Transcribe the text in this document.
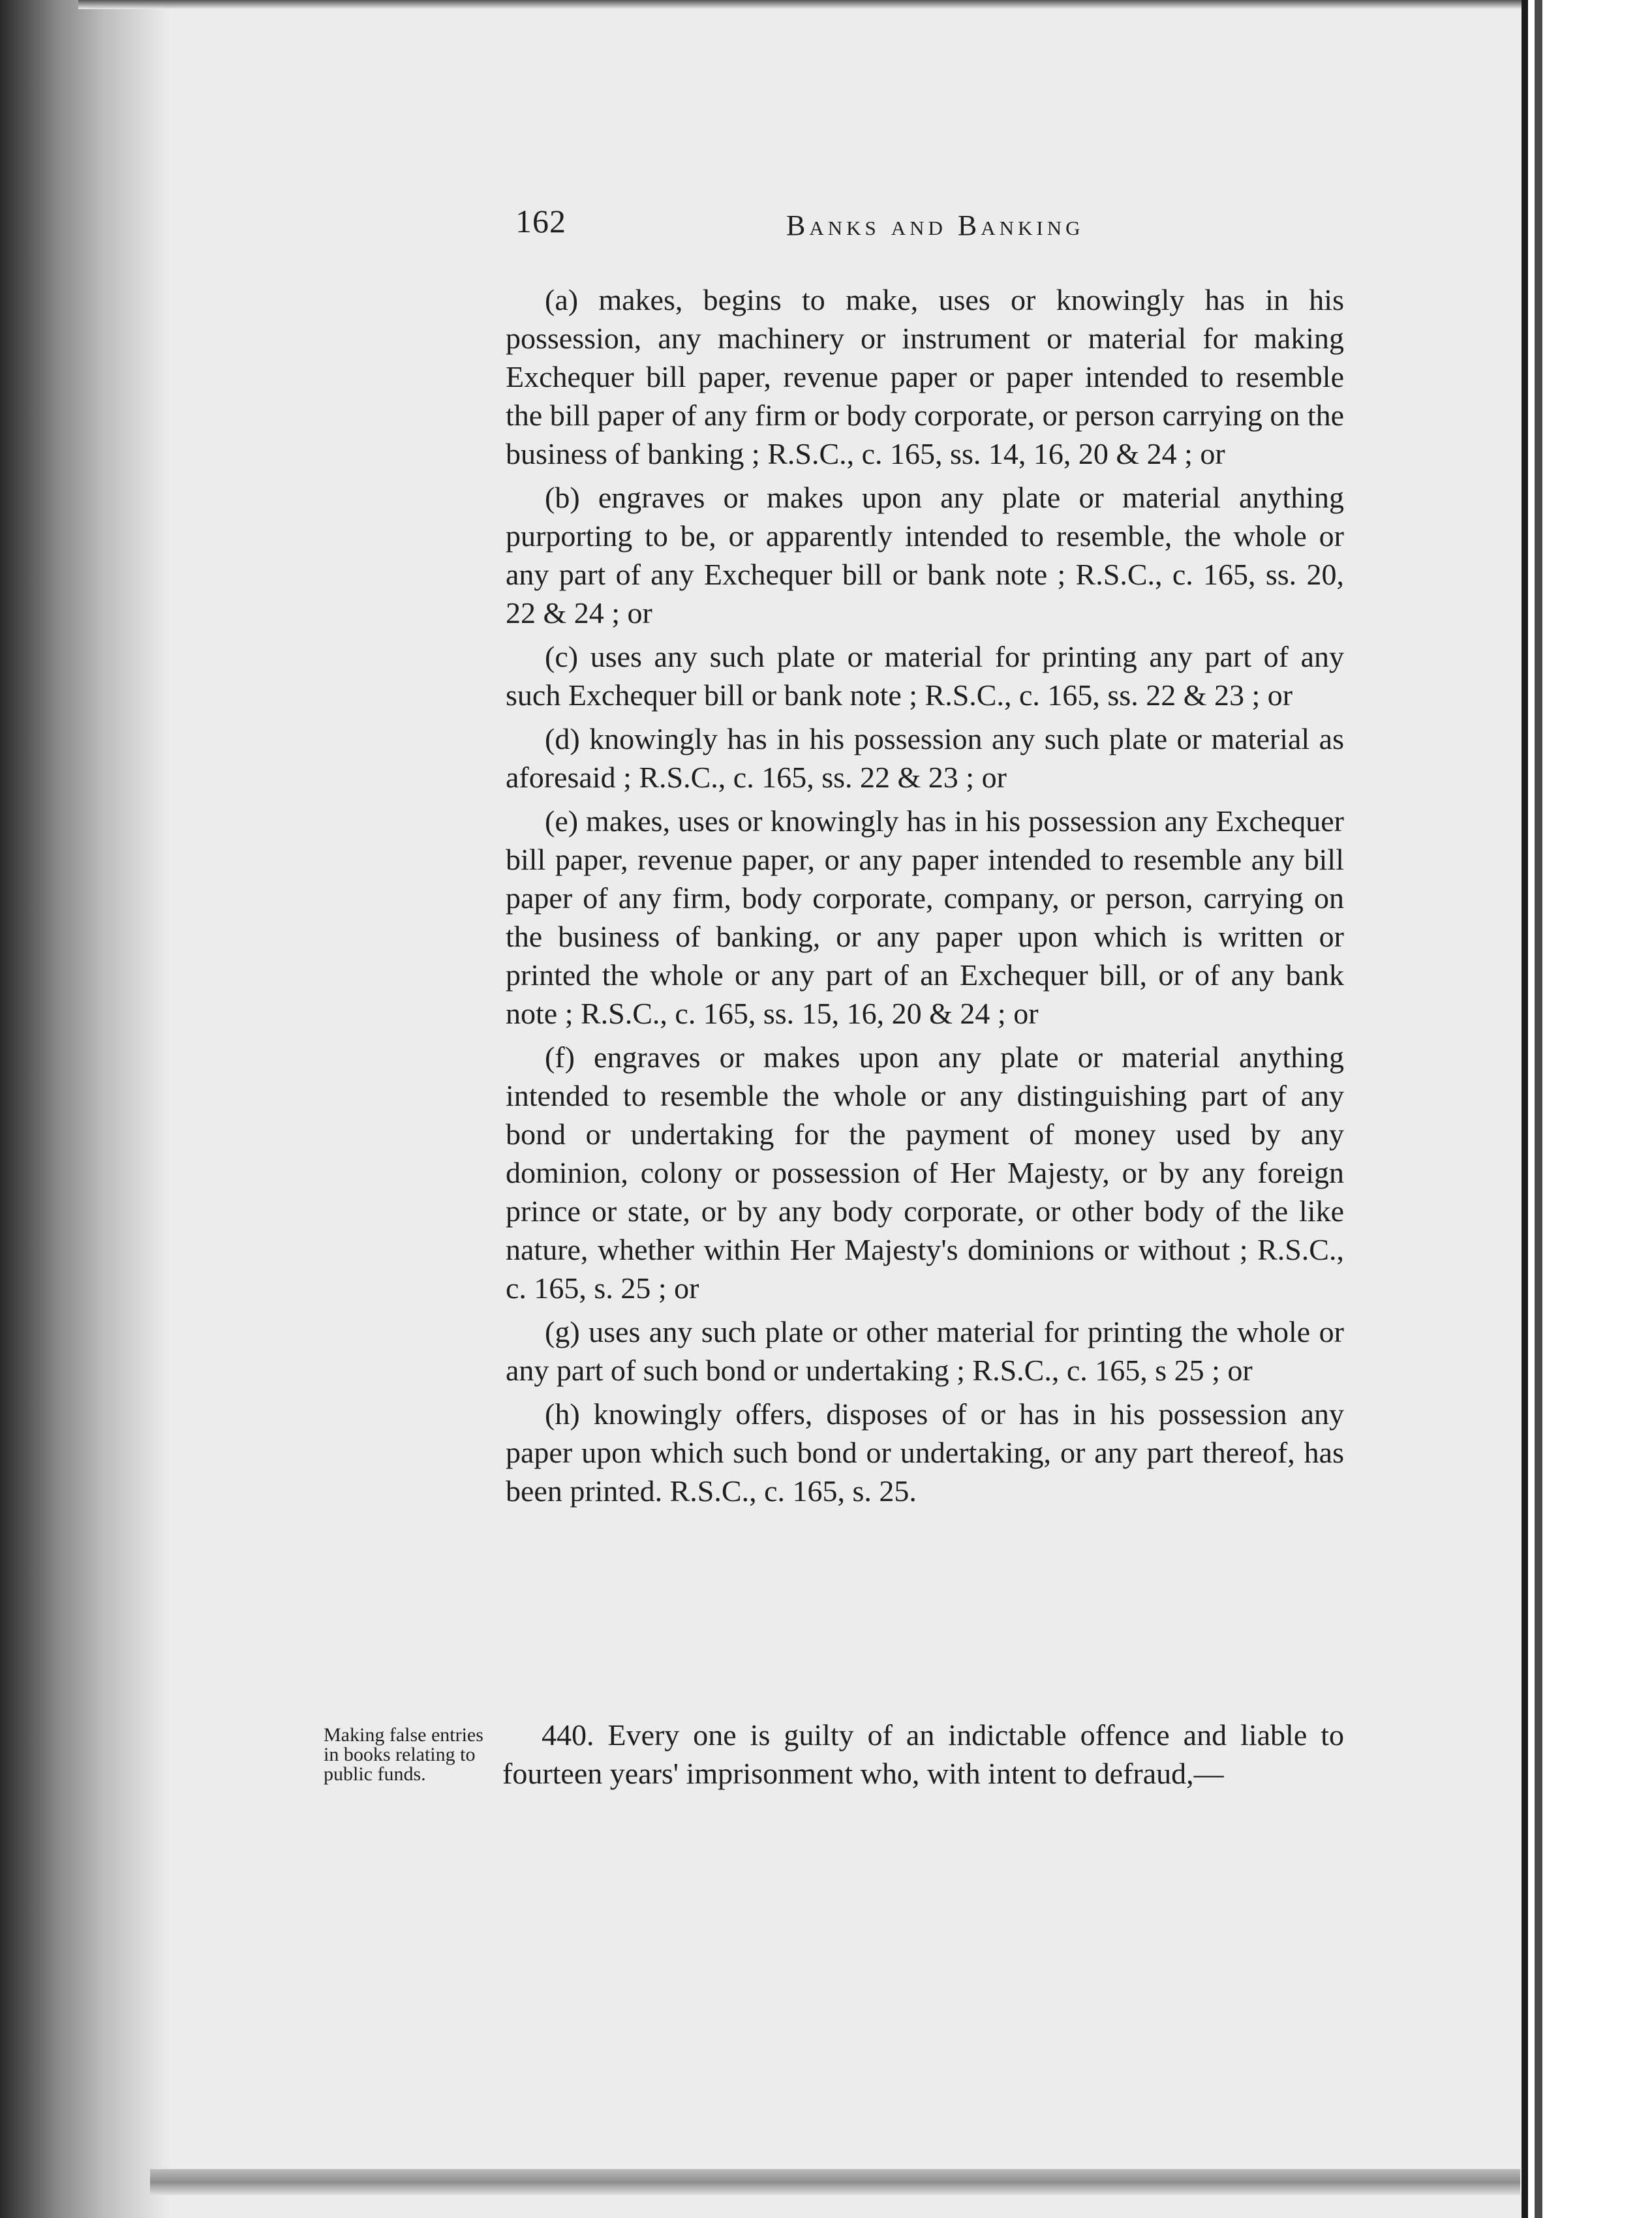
162	Banks and Banking

(a) makes, begins to make, uses or knowingly has in his possession, any machinery or instrument or material for making Exchequer bill paper, revenue paper or paper intended to resemble the bill paper of any firm or body corporate, or person carrying on the business of banking ; R.S.C., c. 165, ss. 14, 16, 20 & 24 ; or

(b) engraves or makes upon any plate or material anything purporting to be, or apparently intended to resemble, the whole or any part of any Exchequer bill or bank note ; R.S.C., c. 165, ss. 20, 22 & 24 ; or

(c) uses any such plate or material for printing any part of any such Exchequer bill or bank note ; R.S.C., c. 165, ss. 22 & 23 ; or

(d) knowingly has in his possession any such plate or material as aforesaid ; R.S.C., c. 165, ss. 22 & 23 ; or

(e) makes, uses or knowingly has in his possession any Exchequer bill paper, revenue paper, or any paper intended to resemble any bill paper of any firm, body corporate, company, or person, carrying on the business of banking, or any paper upon which is written or printed the whole or any part of an Exchequer bill, or of any bank note ; R.S.C., c. 165, ss. 15, 16, 20 & 24 ; or

(f) engraves or makes upon any plate or material anything intended to resemble the whole or any distinguishing part of any bond or undertaking for the payment of money used by any dominion, colony or possession of Her Majesty, or by any foreign prince or state, or by any body corporate, or other body of the like nature, whether within Her Majesty's dominions or without ; R.S.C., c. 165, s. 25 ; or

(g) uses any such plate or other material for printing the whole or any part of such bond or undertaking ; R.S.C., c. 165, s 25 ; or

(h) knowingly offers, disposes of or has in his possession any paper upon which such bond or undertaking, or any part thereof, has been printed. R.S.C., c. 165, s. 25.

Making false entries in books relating to public funds.

440. Every one is guilty of an indictable offence and liable to fourteen years' imprisonment who, with intent to defraud,—
